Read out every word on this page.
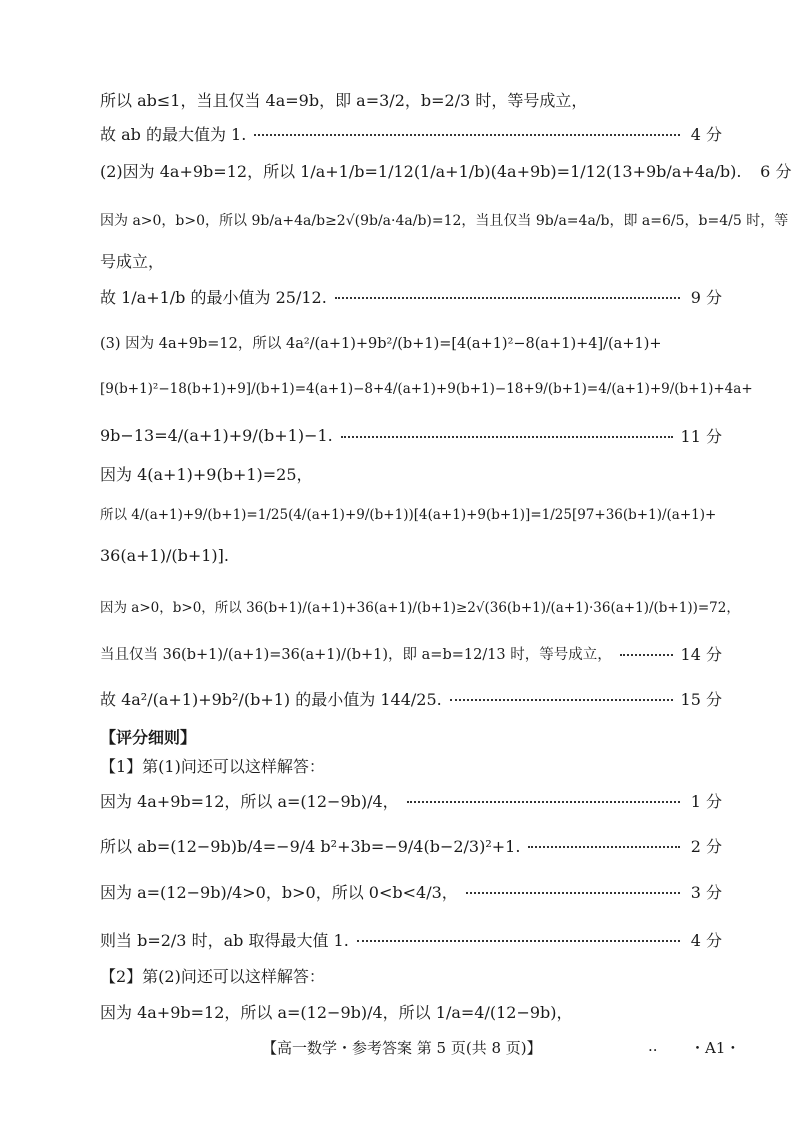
所以 ab≤1，当且仅当 4a=9b，即 a=3/2，b=2/3 时，等号成立，
故 ab 的最大值为 1.	4 分
(2)因为 4a+9b=12，所以 1/a+1/b=1/12(1/a+1/b)(4a+9b)=1/12(13+9b/a+4a/b). 6 分
因为 a>0，b>0，所以 9b/a+4a/b≥2√(9b/a·4a/b)=12，当且仅当 9b/a=4a/b，即 a=6/5，b=4/5 时，等
号成立，
故 1/a+1/b 的最小值为 25/12.	9 分
(3) 因为 4a+9b=12，所以 4a²/(a+1)+9b²/(b+1)=[4(a+1)²−8(a+1)+4]/(a+1)+
[9(b+1)²−18(b+1)+9]/(b+1)=4(a+1)−8+4/(a+1)+9(b+1)−18+9/(b+1)=4/(a+1)+9/(b+1)+4a+
9b−13=4/(a+1)+9/(b+1)−1.	11 分
因为 4(a+1)+9(b+1)=25，
所以 4/(a+1)+9/(b+1)=1/25(4/(a+1)+9/(b+1))[4(a+1)+9(b+1)]=1/25[97+36(b+1)/(a+1)+
36(a+1)/(b+1)].
因为 a>0，b>0，所以 36(b+1)/(a+1)+36(a+1)/(b+1)≥2√(36(b+1)/(a+1)·36(a+1)/(b+1))=72，
当且仅当 36(b+1)/(a+1)=36(a+1)/(b+1)，即 a=b=12/13 时，等号成立，	14 分
故 4a²/(a+1)+9b²/(b+1) 的最小值为 144/25.	15 分
【评分细则】
【1】第(1)问还可以这样解答：
因为 4a+9b=12，所以 a=(12−9b)/4，	1 分
所以 ab=(12−9b)b/4=−9/4 b²+3b=−9/4(b−2/3)²+1.	2 分
因为 a=(12−9b)/4>0，b>0，所以 0<b<4/3，	3 分
则当 b=2/3 时，ab 取得最大值 1.	4 分
【2】第(2)问还可以这样解答：
因为 4a+9b=12，所以 a=(12−9b)/4，所以 1/a=4/(12−9b)，
【高一数学・参考答案 第 5 页(共 8 页)】	.. ・A1・
